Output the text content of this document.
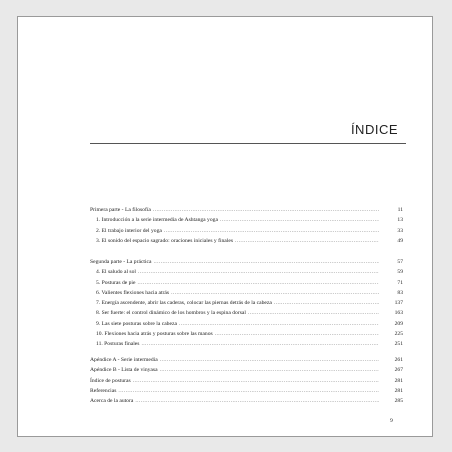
ÍNDICE
Primera parte - La filosofía .....	11
1. Introducción a la serie intermedia de Ashtanga yoga .....	13
2. El trabajo interior del yoga .....	33
3. El sonido del espacio sagrado: oraciones iniciales y finales .....	49
Segunda parte - La práctica .....	57
4. El saludo al sol .....	59
5. Posturas de pie .....	71
6. Valientes flexiones hacia atrás .....	83
7. Energía ascendente, abrir las caderas, colocar las piernas detrás de la cabeza .....	137
8. Ser fuerte: el control dinámico de los hombros y la espina dorsal .....	163
9. Las siete posturas sobre la cabeza .....	209
10. Flexiones hacia atrás y posturas sobre las manos .....	225
11. Posturas finales .....	251
Apéndice A - Serie intermedia .....	261
Apéndice B - Lista de vinyasa .....	267
Índice de posturas .....	281
Referencias .....	281
Acerca de la autora .....	285
9
